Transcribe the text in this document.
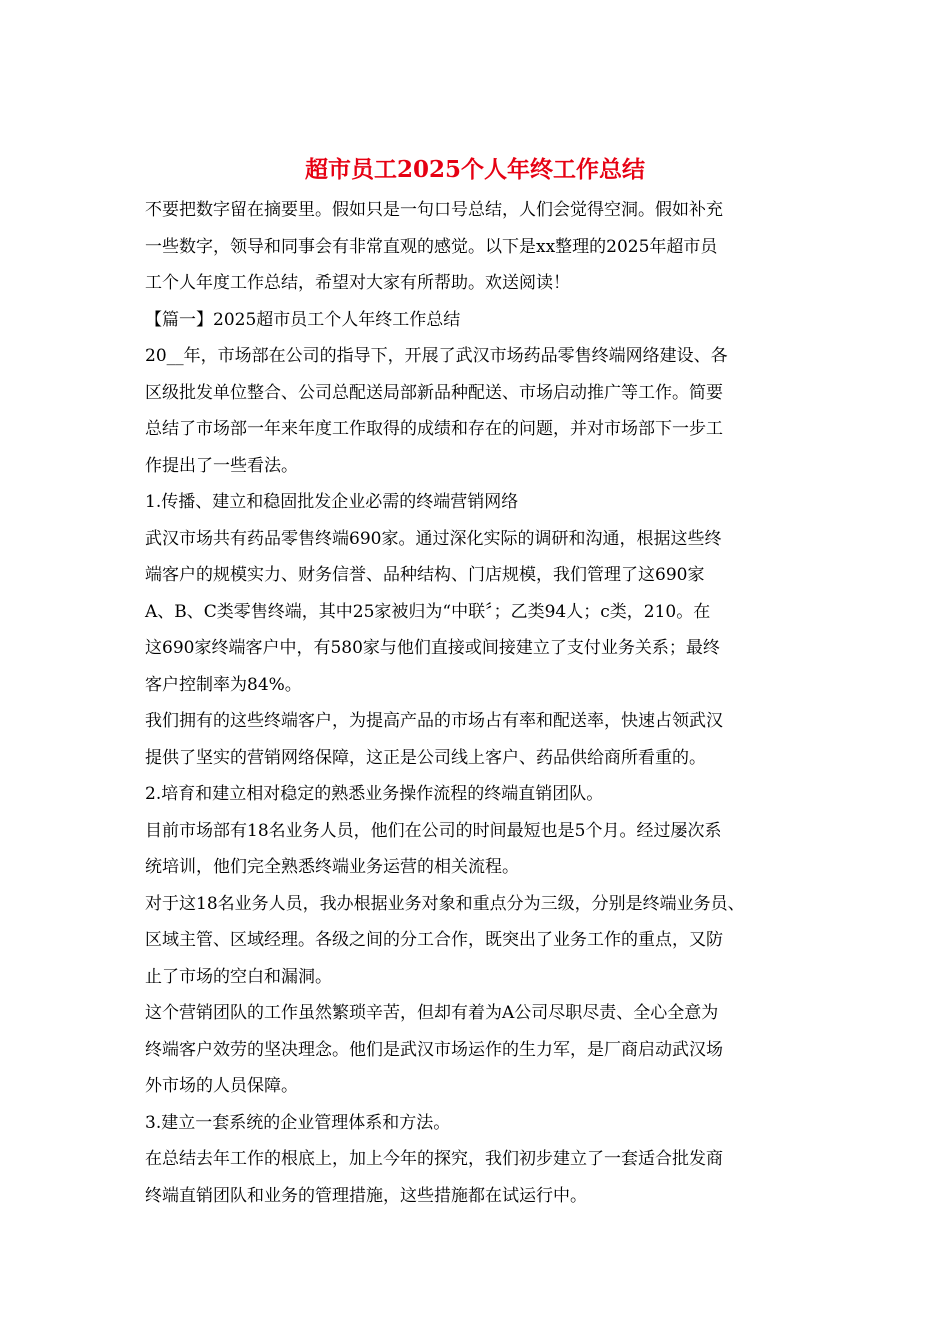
超市员工2025个人年终工作总结
不要把数字留在摘要里。假如只是一句口号总结，人们会觉得空洞。假如补充
一些数字，领导和同事会有非常直观的感觉。以下是xx整理的2025年超市员
工个人年度工作总结，希望对大家有所帮助。欢送阅读！
【篇一】2025超市员工个人年终工作总结
20__年，市场部在公司的指导下，开展了武汉市场药品零售终端网络建设、各
区级批发单位整合、公司总配送局部新品种配送、市场启动推广等工作。简要
总结了市场部一年来年度工作取得的成绩和存在的问题，并对市场部下一步工
作提出了一些看法。
1.传播、建立和稳固批发企业必需的终端营销网络
武汉市场共有药品零售终端690家。通过深化实际的调研和沟通，根据这些终
端客户的规模实力、财务信誉、品种结构、门店规模，我们管理了这690家
A、B、C类零售终端，其中25家被归为“中联〞；乙类94人；c类，210。在
这690家终端客户中，有580家与他们直接或间接建立了支付业务关系；最终
客户控制率为84%。
我们拥有的这些终端客户，为提高产品的市场占有率和配送率，快速占领武汉
提供了坚实的营销网络保障，这正是公司线上客户、药品供给商所看重的。
2.培育和建立相对稳定的熟悉业务操作流程的终端直销团队。
目前市场部有18名业务人员，他们在公司的时间最短也是5个月。经过屡次系
统培训，他们完全熟悉终端业务运营的相关流程。
对于这18名业务人员，我办根据业务对象和重点分为三级，分别是终端业务员、
区域主管、区域经理。各级之间的分工合作，既突出了业务工作的重点，又防
止了市场的空白和漏洞。
这个营销团队的工作虽然繁琐辛苦，但却有着为A公司尽职尽责、全心全意为
终端客户效劳的坚决理念。他们是武汉市场运作的生力军，是厂商启动武汉场
外市场的人员保障。
3.建立一套系统的企业管理体系和方法。
在总结去年工作的根底上，加上今年的探究，我们初步建立了一套适合批发商
终端直销团队和业务的管理措施，这些措施都在试运行中。
